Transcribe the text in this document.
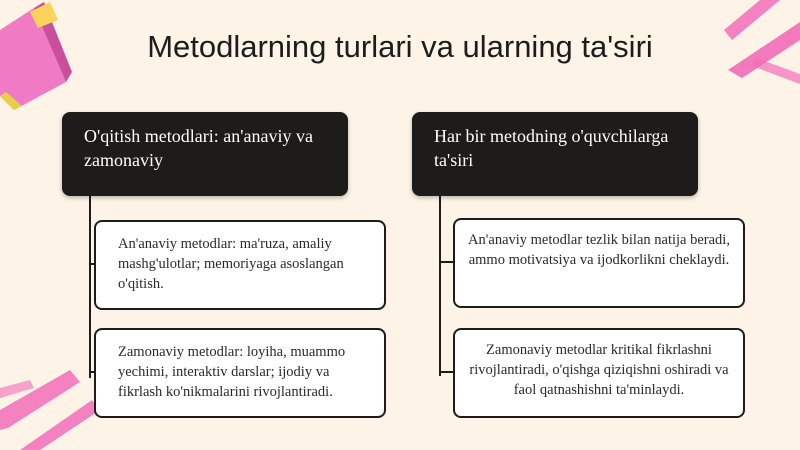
Metodlarning turlari va ularning ta'siri
O'qitish metodlari: an'anaviy va zamonaviy
Har bir metodning o'quvchilarga ta'siri
An'anaviy metodlar: ma'ruza, amaliy mashg'ulotlar; memoriyaga asoslangan o'qitish.
Zamonaviy metodlar: loyiha, muammo yechimi, interaktiv darslar; ijodiy va fikrlash ko'nikmalarini rivojlantiradi.
An'anaviy metodlar tezlik bilan natija beradi, ammo motivatsiya va ijodkorlikni cheklaydi.
Zamonaviy metodlar kritikal fikrlashni rivojlantiradi, o'qishga qiziqishni oshiradi va faol qatnashishni ta'minlaydi.
